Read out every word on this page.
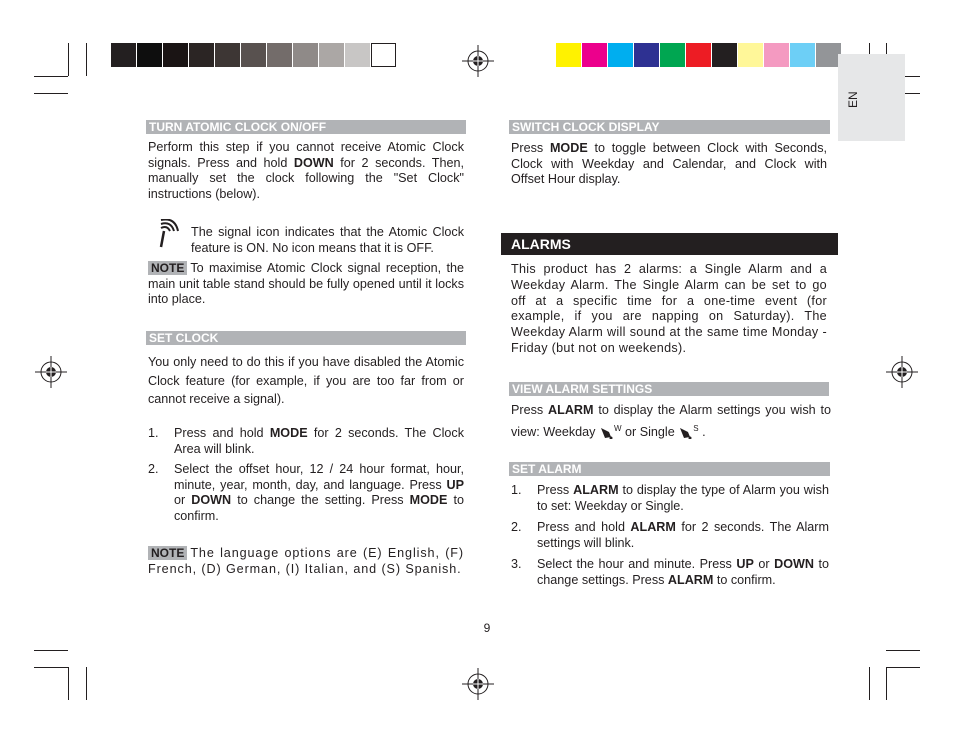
EN
TURN ATOMIC CLOCK ON/OFF
Perform this step if you cannot receive Atomic Clock signals. Press and hold DOWN for 2 seconds. Then, manually set the clock following the "Set Clock" instructions (below).
The signal icon indicates that the Atomic Clock feature is ON. No icon means that it is OFF.
NOTE To maximise Atomic Clock signal reception, the main unit table stand should be fully opened until it locks into place.
SET CLOCK
You only need to do this if you have disabled the Atomic Clock feature (for example, if you are too far from or cannot receive a signal).
1. Press and hold MODE for 2 seconds. The Clock Area will blink.
2. Select the offset hour, 12 / 24 hour format, hour, minute, year, month, day, and language. Press UP or DOWN to change the setting. Press MODE to confirm.
NOTE The language options are (E) English, (F) French, (D) German, (I) Italian, and (S) Spanish.
SWITCH CLOCK DISPLAY
Press MODE to toggle between Clock with Seconds, Clock with Weekday and Calendar, and Clock with Offset Hour display.
ALARMS
This product has 2 alarms: a Single Alarm and a Weekday Alarm. The Single Alarm can be set to go off at a specific time for a one-time event (for example, if you are napping on Saturday). The Weekday Alarm will sound at the same time Monday - Friday (but not on weekends).
VIEW ALARM SETTINGS
Press ALARM to display the Alarm settings you wish to view: Weekday $^W$ or Single $^S$ .
SET ALARM
1. Press ALARM to display the type of Alarm you wish to set: Weekday or Single.
2. Press and hold ALARM for 2 seconds. The Alarm settings will blink.
3. Select the hour and minute. Press UP or DOWN to change settings. Press ALARM to confirm.
9
